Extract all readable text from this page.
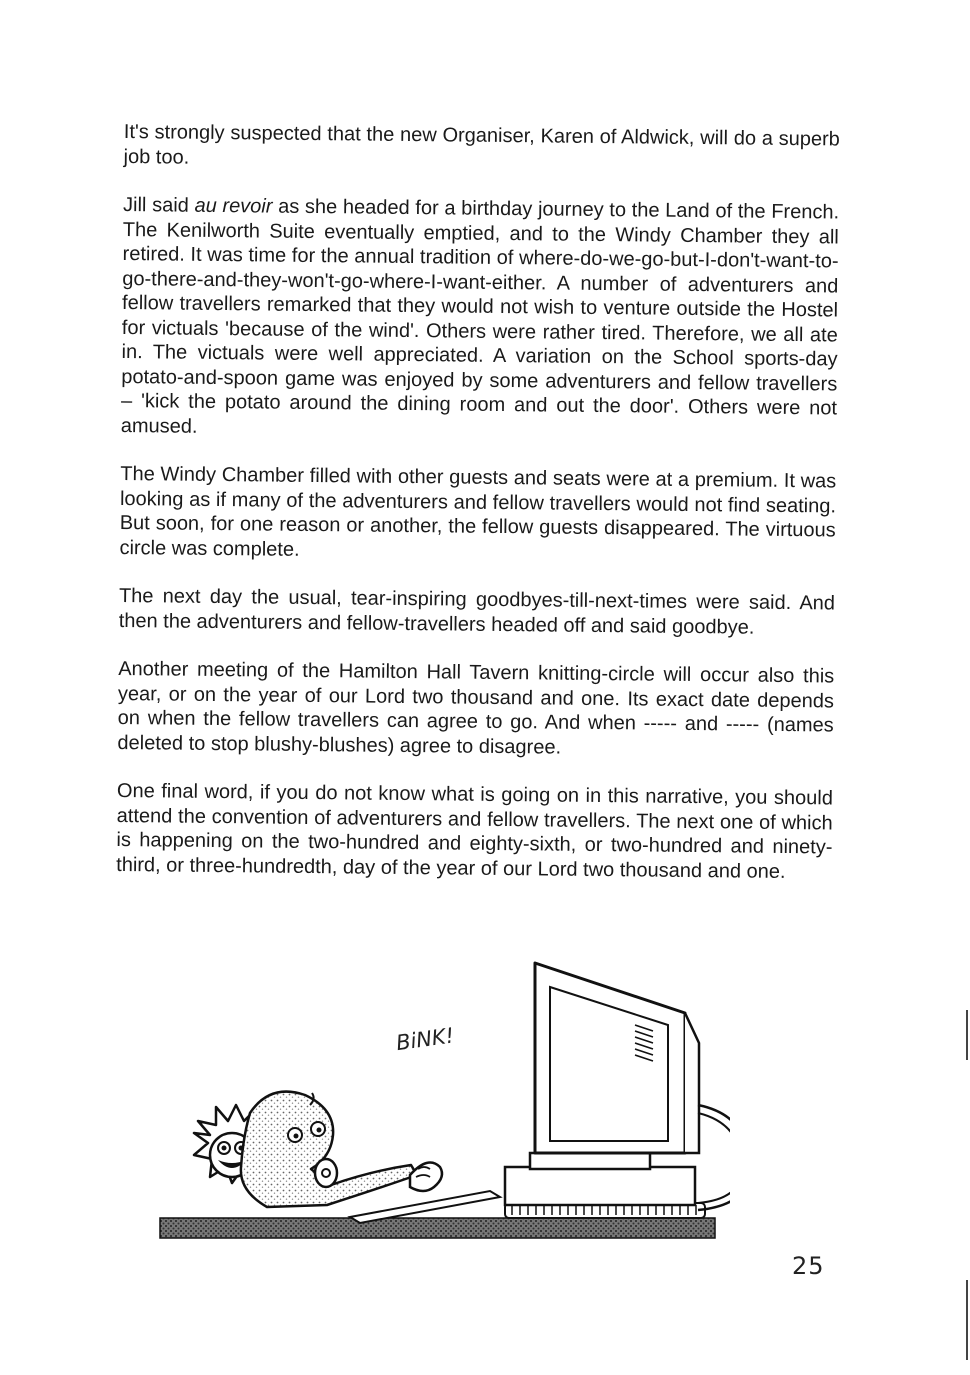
It's strongly suspected that the new Organiser, Karen of Aldwick, will do a superb job too.

Jill said au revoir as she headed for a birthday journey to the Land of the French. The Kenilworth Suite eventually emptied, and to the Windy Chamber they all retired. It was time for the annual tradition of where-do-we-go-but-I-don't-want-to-go-there-and-they-won't-go-where-I-want-either. A number of adventurers and fellow travellers remarked that they would not wish to venture outside the Hostel for victuals 'because of the wind'. Others were rather tired. Therefore, we all ate in. The victuals were well appreciated. A variation on the School sports-day potato-and-spoon game was enjoyed by some adventurers and fellow travellers – 'kick the potato around the dining room and out the door'. Others were not amused.

The Windy Chamber filled with other guests and seats were at a premium. It was looking as if many of the adventurers and fellow travellers would not find seating. But soon, for one reason or another, the fellow guests disappeared. The virtuous circle was complete.

The next day the usual, tear-inspiring goodbyes-till-next-times were said. And then the adventurers and fellow-travellers headed off and said goodbye.

Another meeting of the Hamilton Hall Tavern knitting-circle will occur also this year, or on the year of our Lord two thousand and one. Its exact date depends on when the fellow travellers can agree to go. And when ----- and ----- (names deleted to stop blushy-blushes) agree to disagree.

One final word, if you do not know what is going on in this narrative, you should attend the convention of adventurers and fellow travellers. The next one of which is happening on the two-hundred and eighty-sixth, or two-hundred and ninety-third, or three-hundredth, day of the year of our Lord two thousand and one.

BiNK!
25
